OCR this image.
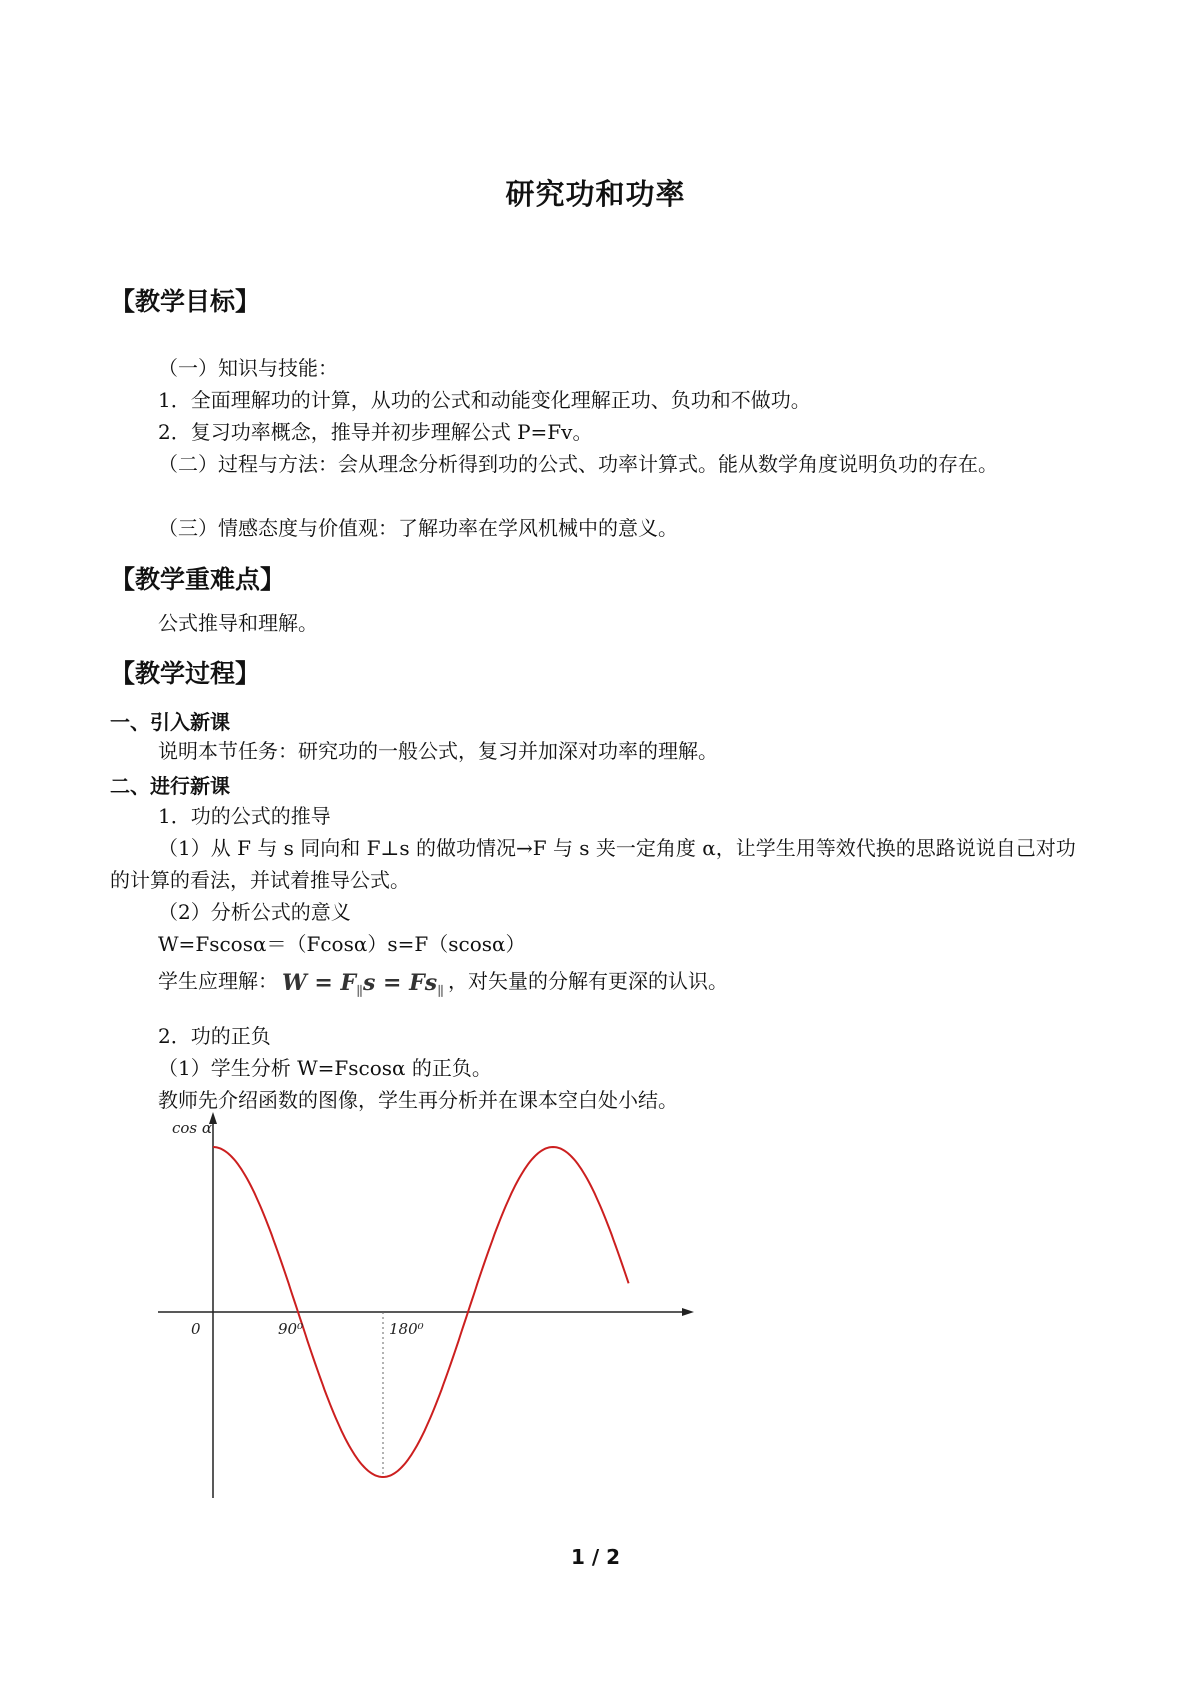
研究功和功率
【教学目标】
（一）知识与技能：
1．全面理解功的计算，从功的公式和动能变化理解正功、负功和不做功。
2．复习功率概念，推导并初步理解公式 P=Fv。
（二）过程与方法：会从理念分析得到功的公式、功率计算式。能从数学角度说明负功的存在。
（三）情感态度与价值观：了解功率在学风机械中的意义。
【教学重难点】
公式推导和理解。
【教学过程】
一、引入新课
说明本节任务：研究功的一般公式，复习并加深对功率的理解。
二、进行新课
1．功的公式的推导
（1）从 F 与 s 同向和 F⊥s 的做功情况→F 与 s 夹一定角度 α，让学生用等效代换的思路说说自己对功的计算的看法，并试着推导公式。
（2）分析公式的意义
W=Fscosα＝（Fcosα）s=F（scosα）
学生应理解： $W = F_\parallel s = Fs_\parallel$ ，对矢量的分解有更深的认识。
2．功的正负
（1）学生分析 W=Fscosα 的正负。
教师先介绍函数的图像，学生再分析并在课本空白处小结。
cos α
0	90⁰	180⁰
1 / 2
